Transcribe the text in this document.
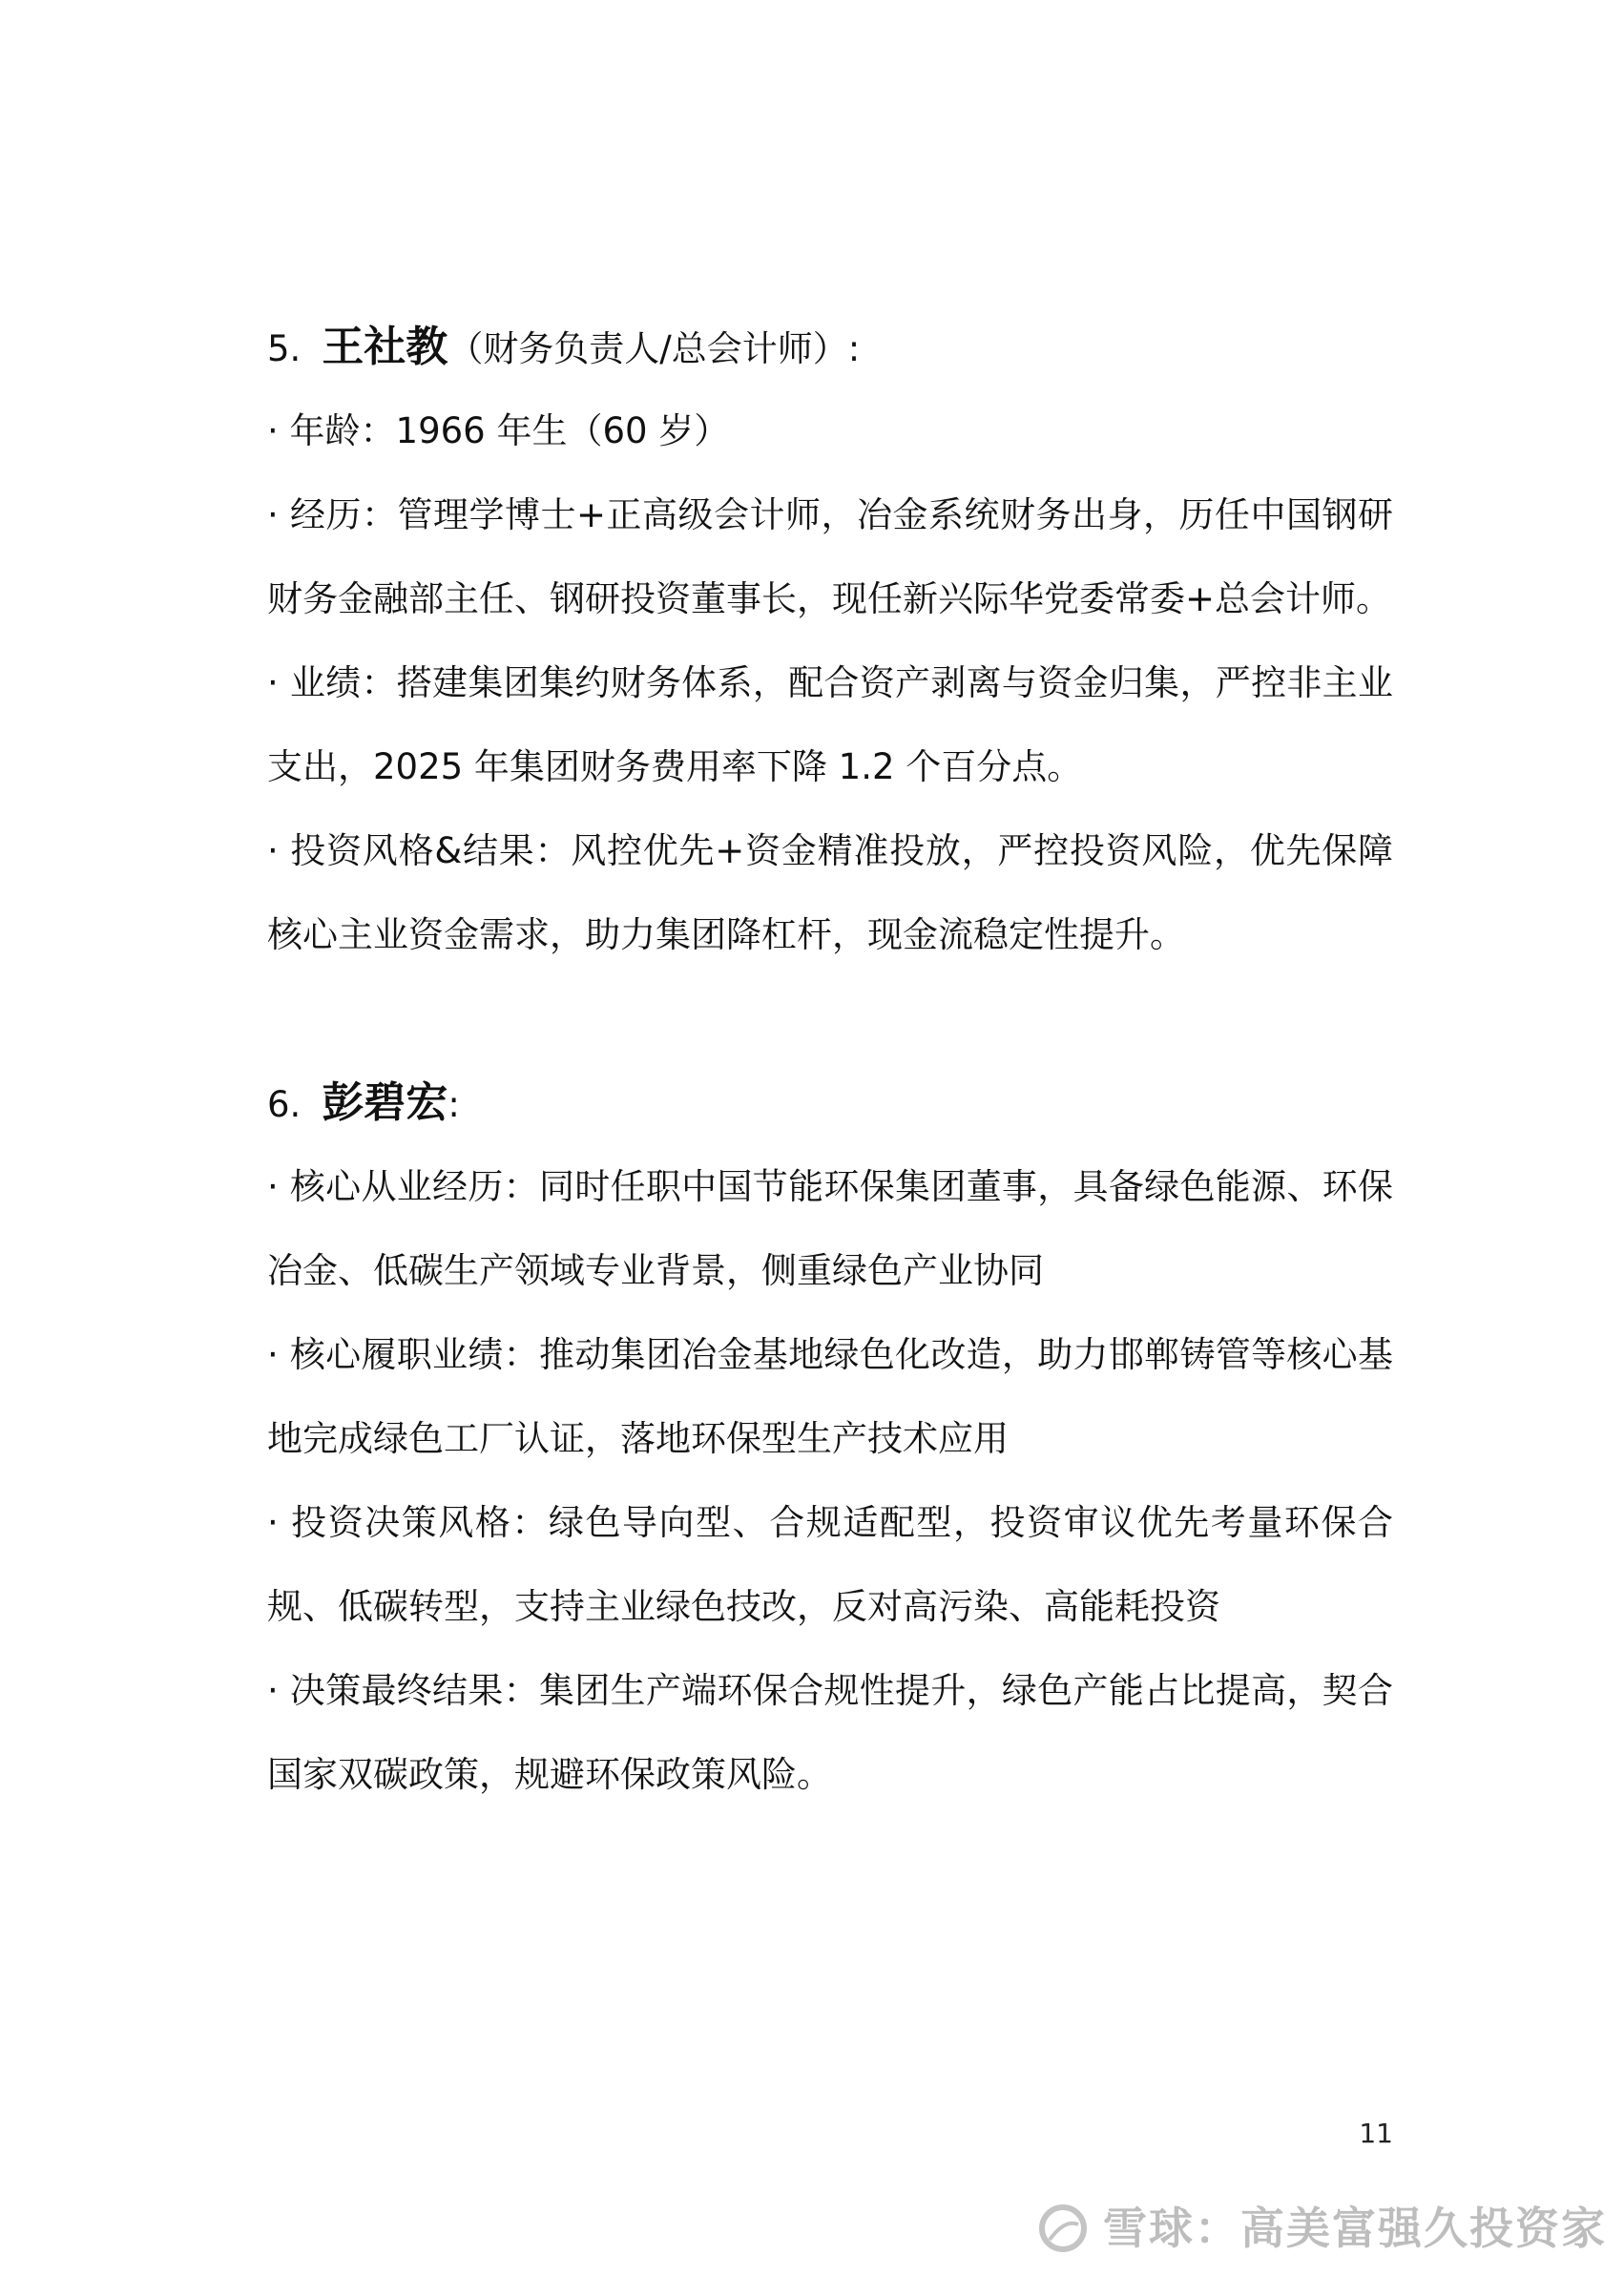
5. 王社教（财务负责人/总会计师）:
· 年龄：1966 年生（60 岁）
· 经历：管理学博士+正高级会计师，冶金系统财务出身，历任中国钢研财务金融部主任、钢研投资董事长，现任新兴际华党委常委+总会计师。
· 业绩：搭建集团集约财务体系，配合资产剥离与资金归集，严控非主业支出，2025 年集团财务费用率下降 1.2 个百分点。
· 投资风格&结果：风控优先+资金精准投放，严控投资风险，优先保障核心主业资金需求，助力集团降杠杆，现金流稳定性提升。
6. 彭碧宏:
· 核心从业经历：同时任职中国节能环保集团董事，具备绿色能源、环保冶金、低碳生产领域专业背景，侧重绿色产业协同
· 核心履职业绩：推动集团冶金基地绿色化改造，助力邯郸铸管等核心基地完成绿色工厂认证，落地环保型生产技术应用
· 投资决策风格：绿色导向型、合规适配型，投资审议优先考量环保合规、低碳转型，支持主业绿色技改，反对高污染、高能耗投资
· 决策最终结果：集团生产端环保合规性提升，绿色产能占比提高，契合国家双碳政策，规避环保政策风险。
11
雪球：高美富强久投资家
